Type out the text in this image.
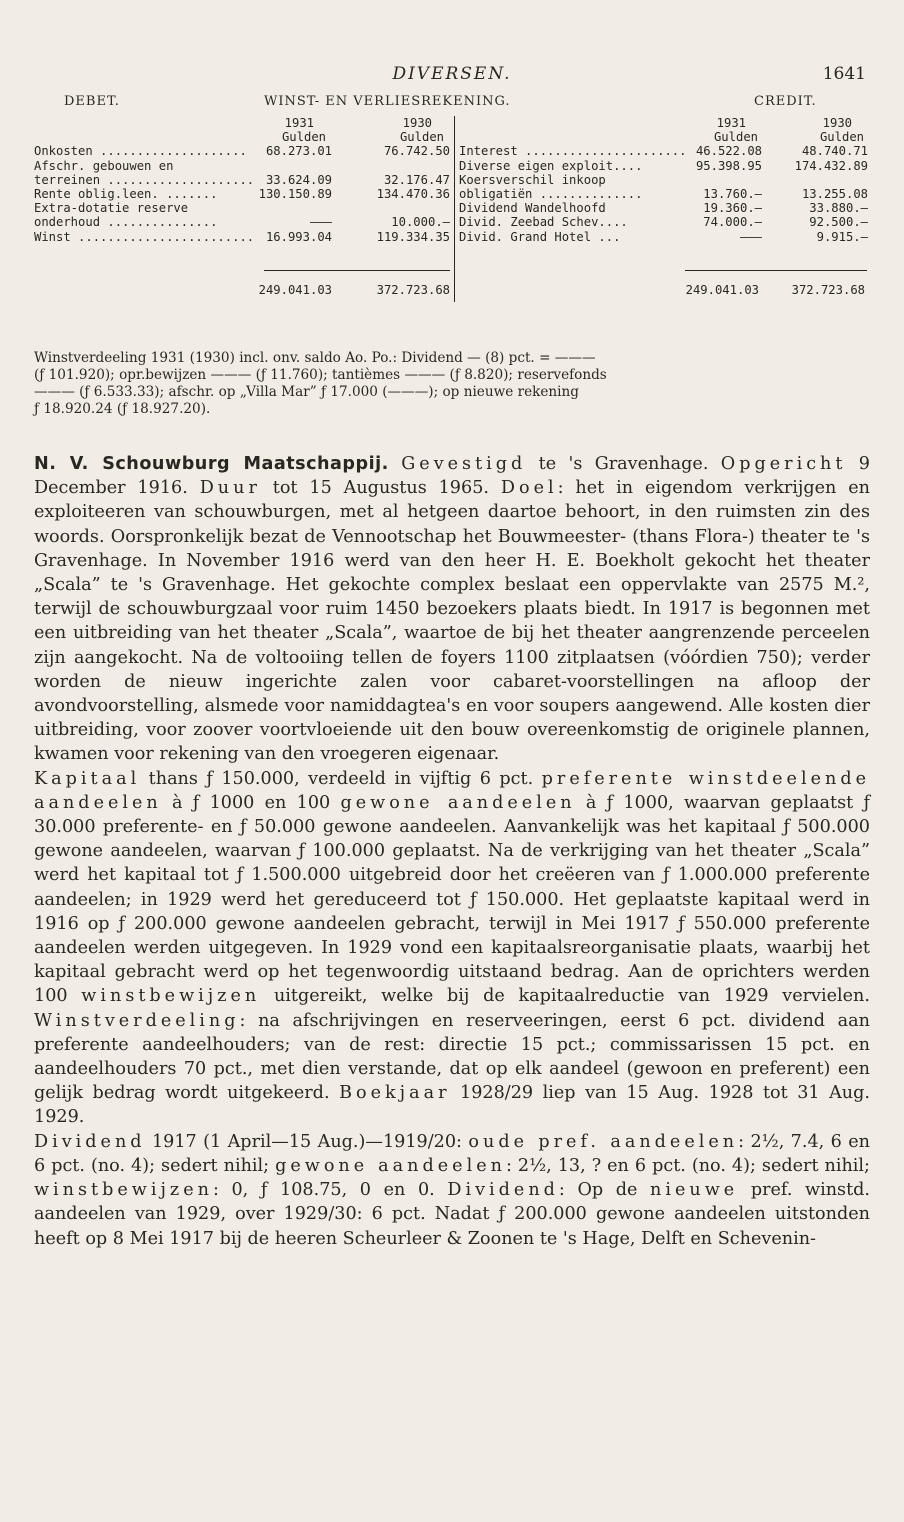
DIVERSEN.	1641
DEBET.	WINST- EN VERLIESREKENING.	CREDIT.
1931	1930
Gulden	Gulden
Onkosten .................... 68.273.01	76.742.50
Afschr. gebouwen en
terreinen .................... 33.624.09	32.176.47
Rente oblig.leen. .......	130.150.89	134.470.36
Extra-dotatie reserve
onderhoud ...............	———	10.000.—
Winst ........................ 16.993.04	119.334.35
249.041.03	372.723.68
1931	1930
Gulden	Gulden
Interest ...................... 46.522.08	48.740.71
Diverse eigen exploit....	95.398.95	174.432.89
Koersverschil inkoop
obligatiën ..............	13.760.—	13.255.08
Dividend Wandelhoofd	19.360.—	33.880.—
Divid. Zeebad Schev....	74.000.—	92.500.—
Divid. Grand Hotel ...	———	9.915.—
249.041.03	372.723.68

Winstverdeeling 1931 (1930) incl. onv. saldo Ao. Po.: Dividend — (8) pct. = ———

(ƒ 101.920); opr.bewijzen ——— (ƒ 11.760); tantièmes ——— (ƒ 8.820); reservefonds

——— (ƒ 6.533.33); afschr. op „Villa Mar” ƒ 17.000 (———); op nieuwe rekening

ƒ 18.920.24 (ƒ 18.927.20).

N. V. Schouwburg Maatschappij. Gevestigd te 's Gravenhage. Opgericht 9 December 1916. Duur tot 15 Augustus 1965. Doel: het in eigendom verkrijgen en exploiteeren van schouwburgen, met al hetgeen daartoe behoort, in den ruimsten zin des woords. Oorspronkelijk bezat de Vennootschap het Bouwmeester- (thans Flora-) theater te 's Gravenhage. In November 1916 werd van den heer H. E. Boekholt gekocht het theater „Scala” te 's Gravenhage. Het gekochte complex beslaat een oppervlakte van 2575 M.², terwijl de schouwburgzaal voor ruim 1450 bezoekers plaats biedt. In 1917 is begonnen met een uitbreiding van het theater „Scala”, waartoe de bij het theater aangrenzende perceelen zijn aangekocht. Na de voltooiing tellen de foyers 1100 zitplaatsen (vóórdien 750); verder worden de nieuw ingerichte zalen voor cabaret-voorstellingen na afloop der avondvoorstelling, alsmede voor namiddagtea's en voor soupers aangewend. Alle kosten dier uitbreiding, voor zoover voortvloeiende uit den bouw overeenkomstig de originele plannen, kwamen voor rekening van den vroegeren eigenaar.
Kapitaal thans ƒ 150.000, verdeeld in vijftig 6 pct. preferente winstdeelende aandeelen à ƒ 1000 en 100 gewone aandeelen à ƒ 1000, waarvan geplaatst ƒ 30.000 preferente- en ƒ 50.000 gewone aandeelen. Aanvankelijk was het kapitaal ƒ 500.000 gewone aandeelen, waarvan ƒ 100.000 geplaatst. Na de verkrijging van het theater „Scala” werd het kapitaal tot ƒ 1.500.000 uitgebreid door het creëeren van ƒ 1.000.000 preferente aandeelen; in 1929 werd het gereduceerd tot ƒ 150.000. Het geplaatste kapitaal werd in 1916 op ƒ 200.000 gewone aandeelen gebracht, terwijl in Mei 1917 ƒ 550.000 preferente aandeelen werden uitgegeven. In 1929 vond een kapitaalsreorganisatie plaats, waarbij het kapitaal gebracht werd op het tegenwoordig uitstaand bedrag. Aan de oprichters werden 100 winstbewijzen uitgereikt, welke bij de kapitaalreductie van 1929 vervielen. Winstverdeeling: na afschrijvingen en reserveeringen, eerst 6 pct. dividend aan preferente aandeelhouders; van de rest: directie 15 pct.; commissarissen 15 pct. en aandeelhouders 70 pct., met dien verstande, dat op elk aandeel (gewoon en preferent) een gelijk bedrag wordt uitgekeerd. Boekjaar 1928/29 liep van 15 Aug. 1928 tot 31 Aug. 1929.
Dividend 1917 (1 April—15 Aug.)—1919/20: oude pref. aandeelen: 2½, 7.4, 6 en 6 pct. (no. 4); sedert nihil; gewone aandeelen: 2½, 13, ? en 6 pct. (no. 4); sedert nihil; winstbewijzen: 0, ƒ 108.75, 0 en 0. Dividend: Op de nieuwe pref. winstd. aandeelen van 1929, over 1929/30: 6 pct. Nadat ƒ 200.000 gewone aandeelen uitstonden heeft op 8 Mei 1917 bij de heeren Scheurleer & Zoonen te 's Hage, Delft en Schevenin-
